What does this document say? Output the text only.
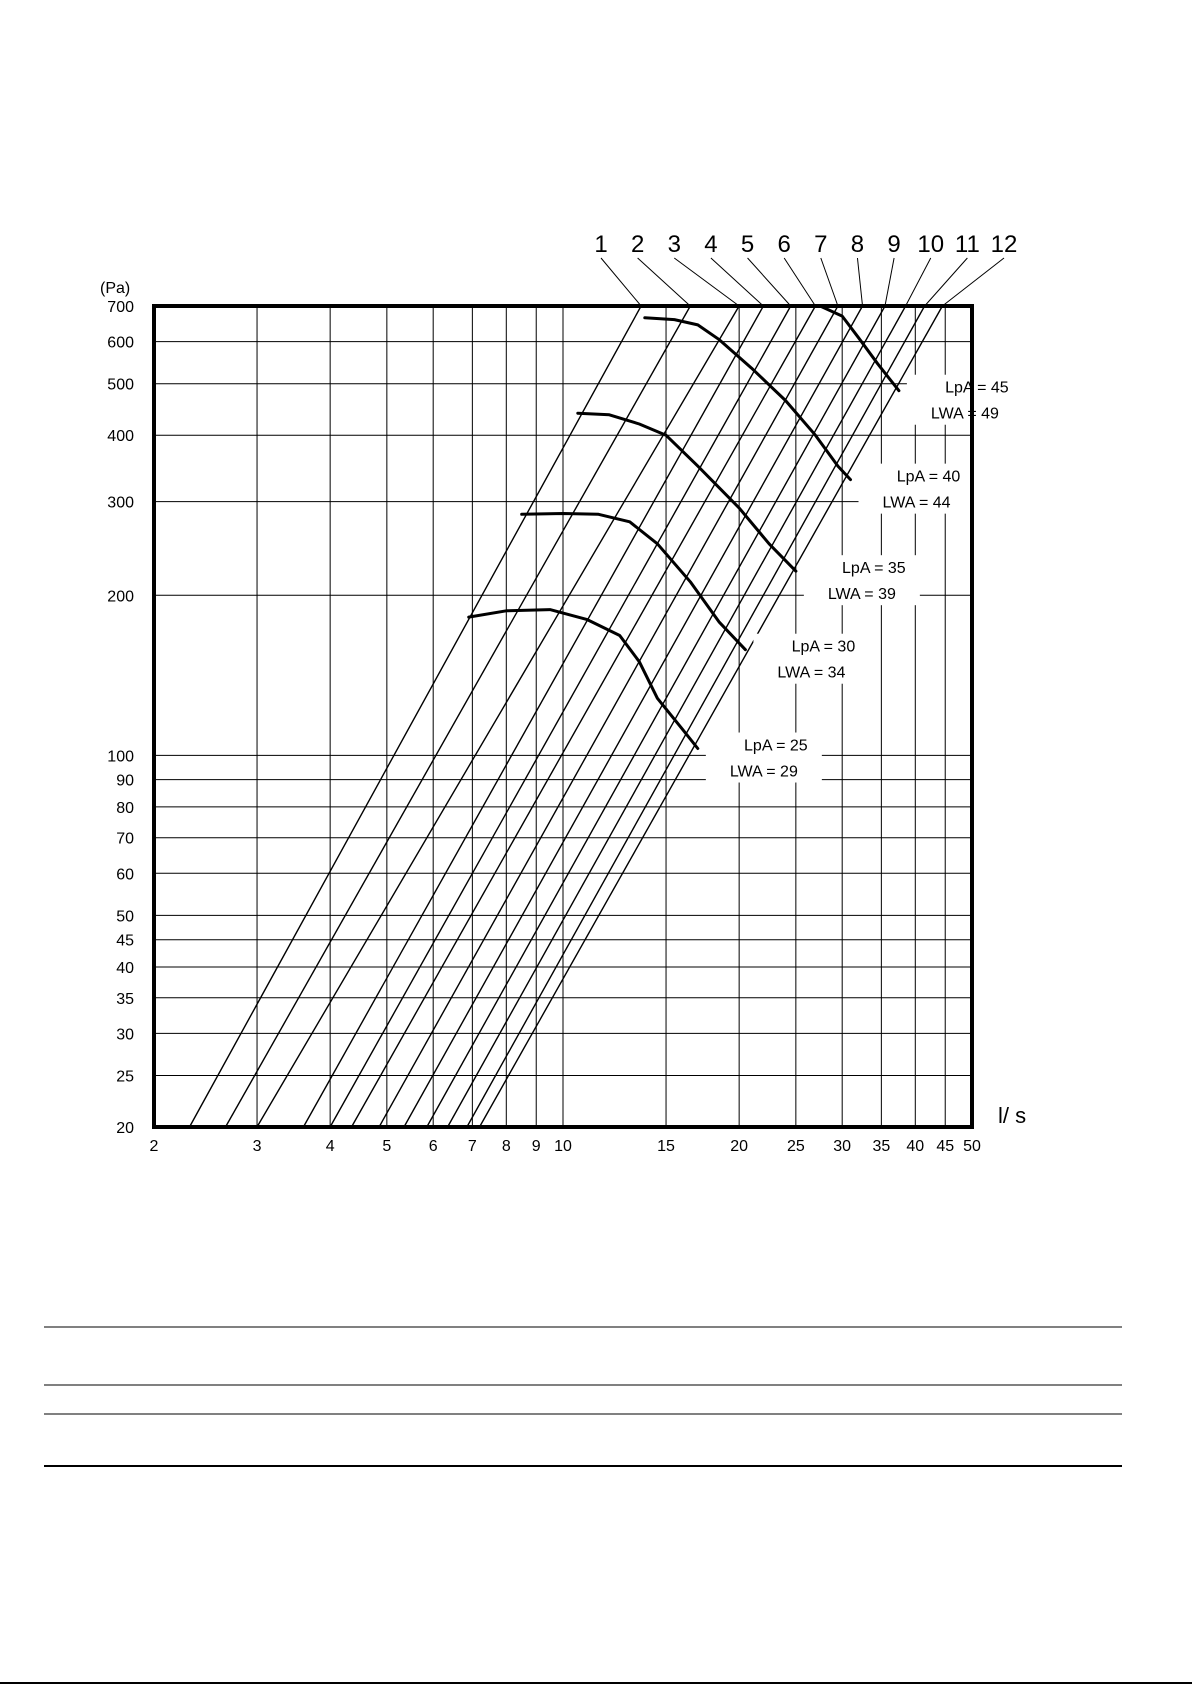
1 2 3 4 5 6 7 8 9 10 11 12
LpA = 25
LWA = 29
LpA = 30
LWA = 34
LpA = 35
LWA = 39
LpA = 40
LWA = 44
LpA = 45
LWA = 49
2	3	4	5 6 7 8 9 10	15	20 25 30 35 40 45 50
20
25
30
35
40
45
50
60
70
80
90
100
200
300
400
500
600
700
(Pa)
l/ s
